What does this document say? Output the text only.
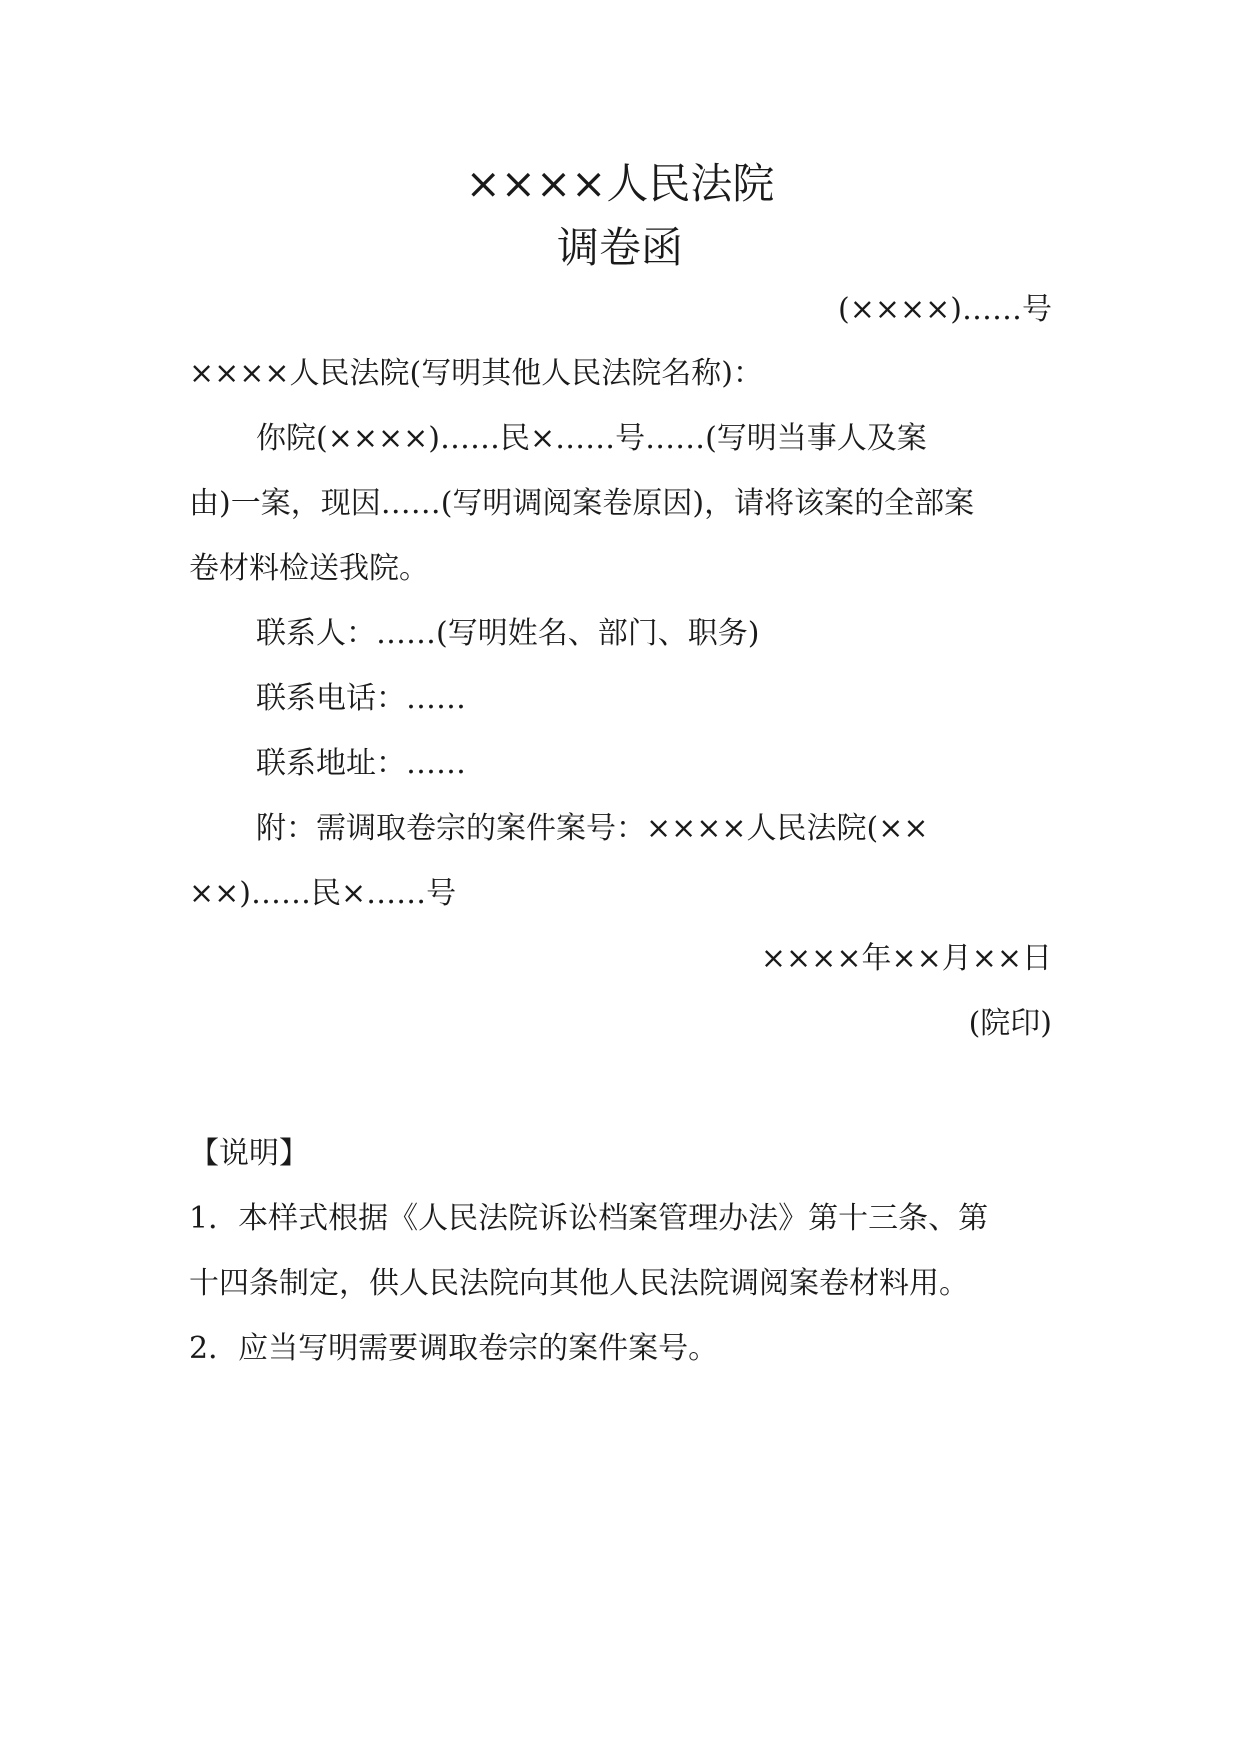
××××人民法院
调卷函
(××××)……号
××××人民法院(写明其他人民法院名称)：
你院(××××)……民×……号……(写明当事人及案
由)一案，现因……(写明调阅案卷原因)，请将该案的全部案
卷材料检送我院。
联系人：……(写明姓名、部门、职务)
联系电话：……
联系地址：……
附：需调取卷宗的案件案号：××××人民法院(××
××)……民×……号
××××年××月××日
(院印)
【说明】
1．本样式根据《人民法院诉讼档案管理办法》第十三条、第
十四条制定，供人民法院向其他人民法院调阅案卷材料用。
2．应当写明需要调取卷宗的案件案号。
